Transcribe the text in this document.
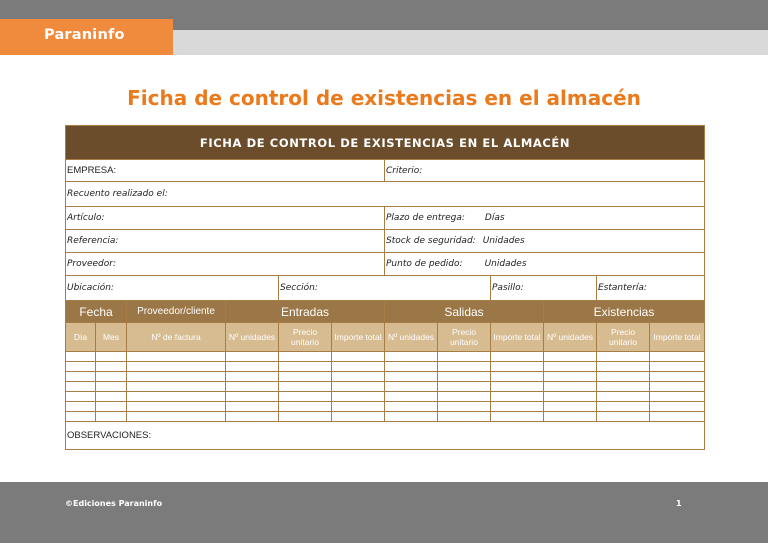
Paraninfo
Ficha de control de existencias en el almacén
FICHA DE CONTROL DE EXISTENCIAS EN EL ALMACÉN											
EMPRESA:						Criterio:					
Recuento realizado el:											
Artículo:						Plazo de entrega: Días					
Referencia:						Stock de seguridad: Unidades					
Proveedor:						Punto de pedido: Unidades					
Ubicación:				Sección:				Pasillo:		Estantería:	
Fecha		Proveedor/cliente	Entradas			Salidas			Existencias		
Día	Mes	Nº de factura	Nº unidades	Precio unitario	Importe total	Nº unidades	Precio unitario	Importe total	Nº unidades	Precio unitario	Importe total

OBSERVACIONES:											
©Ediciones Paraninfo	1
